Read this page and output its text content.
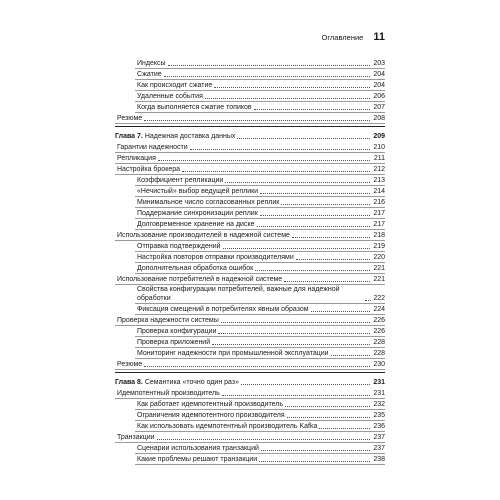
Оглавление 11
Индексы	203
Сжатие	204
Как происходит сжатие	204
Удаленные события	206
Когда выполняется сжатие топиков	207
Резюме	208
Глава 7. Надежная доставка данных	209
Гарантии надежности	210
Репликация	211
Настройка брокера	212
Коэффициент репликации	213
«Нечистый» выбор ведущей реплики	214
Минимальное число согласованных реплик	216
Поддержание синхронизации реплик	217
Долговременное хранение на диске	217
Использование производителей в надежной системе	218
Отправка подтверждений	219
Настройка повторов отправки производителями	220
Дополнительная обработка ошибок	221
Использование потребителей в надежной системе	221
Свойства конфигурации потребителей, важные для надежной обработки	222
Фиксация смещений в потребителях явным образом	224
Проверка надежности системы	226
Проверка конфигурации	226
Проверка приложений	228
Мониторинг надежности при промышленной эксплуатации	228
Резюме	230
Глава 8. Семантика «точно один раз»	231
Идемпотентный производитель	231
Как работает идемпотентный производитель	232
Ограничения идемпотентного производителя	235
Как использовать идемпотентный производитель Kafka	236
Транзакции	237
Сценарии использования транзакций	237
Какие проблемы решают транзакции	238
